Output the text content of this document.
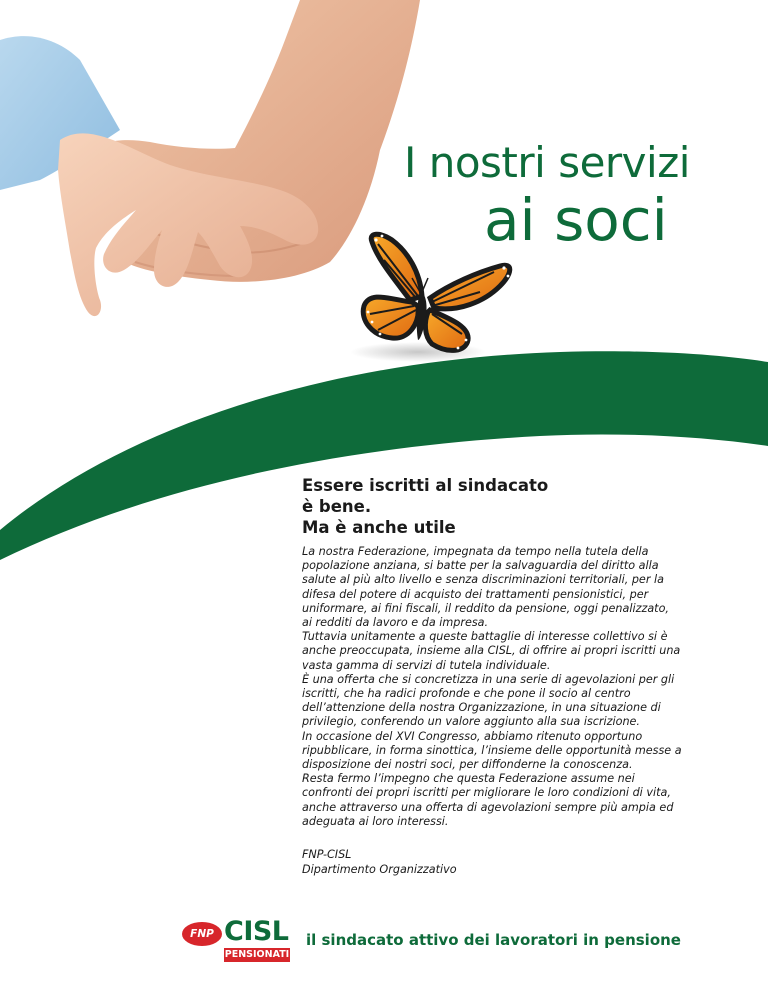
I nostri servizi
ai soci
Essere iscritti al sindacato
è bene.
Ma è anche utile
La nostra Federazione, impegnata da tempo nella tutela della popolazione anziana, si batte per la salvaguardia del diritto alla salute al più alto livello e senza discriminazioni territoriali, per la difesa del potere di acquisto dei trattamenti pensionistici, per uniformare, ai fini fiscali, il reddito da pensione, oggi penalizzato, ai redditi da lavoro e da impresa.
Tuttavia unitamente a queste battaglie di interesse collettivo si è anche preoccupata, insieme alla CISL, di offrire ai propri iscritti una vasta gamma di servizi di tutela individuale.
È una offerta che si concretizza in una serie di agevolazioni per gli iscritti, che ha radici profonde e che pone il socio al centro dell’attenzione della nostra Organizzazione, in una situazione di privilegio, conferendo un valore aggiunto alla sua iscrizione.
In occasione del XVI Congresso, abbiamo ritenuto opportuno ripubblicare, in forma sinottica, l’insieme delle opportunità messe a disposizione dei nostri soci, per diffonderne la conoscenza.
Resta fermo l’impegno che questa Federazione assume nei confronti dei propri iscritti per migliorare le loro condizioni di vita, anche attraverso una offerta di agevolazioni sempre più ampia ed adeguata ai loro interessi.
FNP-CISL
Dipartimento Organizzativo
FNP CISL
PENSIONATI
il sindacato attivo dei lavoratori in pensione
